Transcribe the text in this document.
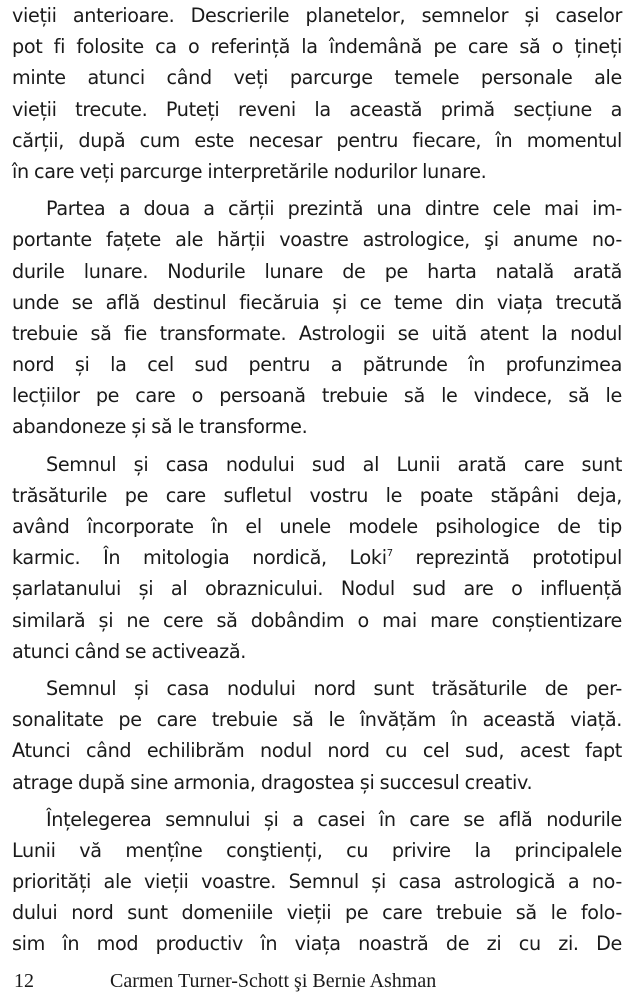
vieții anterioare. Descrierile planetelor, semnelor și caselor
pot fi folosite ca o referință la îndemână pe care să o țineți
minte atunci când veți parcurge temele personale ale
vieții trecute. Puteți reveni la această primă secțiune a
cărții, după cum este necesar pentru fiecare, în momentul
în care veți parcurge interpretările nodurilor lunare.
Partea a doua a cărții prezintă una dintre cele mai im-
portante fațete ale hărții voastre astrologice, şi anume no-
durile lunare. Nodurile lunare de pe harta natală arată
unde se află destinul fiecăruia și ce teme din viața trecută
trebuie să fie transformate. Astrologii se uită atent la nodul
nord și la cel sud pentru a pătrunde în profunzimea
lecțiilor pe care o persoană trebuie să le vindece, să le
abandoneze și să le transforme.
Semnul și casa nodului sud al Lunii arată care sunt
trăsăturile pe care sufletul vostru le poate stăpâni deja,
având încorporate în el unele modele psihologice de tip
karmic. În mitologia nordică, Loki$^7$ reprezintă prototipul
șarlatanului și al obraznicului. Nodul sud are o influență
similară și ne cere să dobândim o mai mare conștientizare
atunci când se activează.
Semnul și casa nodului nord sunt trăsăturile de per-
sonalitate pe care trebuie să le învățăm în această viață.
Atunci când echilibrăm nodul nord cu cel sud, acest fapt
atrage după sine armonia, dragostea și succesul creativ.
Înțelegerea semnului și a casei în care se află nodurile
Lunii vă mențîne conştienți, cu privire la principalele
priorități ale vieții voastre. Semnul și casa astrologică a no-
dului nord sunt domeniile vieții pe care trebuie să le folo-
sim în mod productiv în viața noastră de zi cu zi. De
12	Carmen Turner-Schott şi Bernie Ashman
